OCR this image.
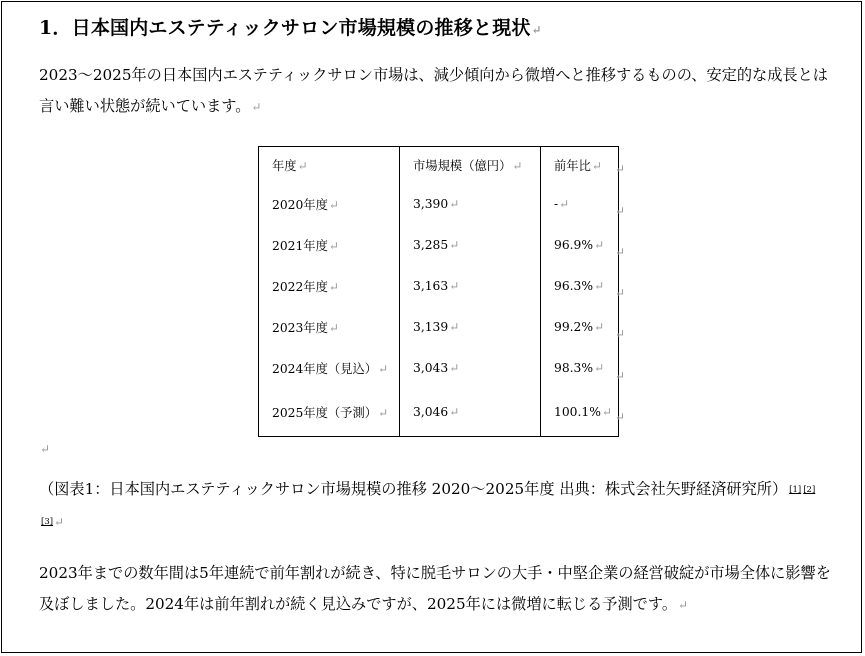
1．日本国内エステティックサロン市場規模の推移と現状↵
2023～2025年の日本国内エステティックサロン市場は、減少傾向から微増へと推移するものの、安定的な成長とは言い難い状態が続いています。↵
年度↵	市場規模（億円）↵	前年比↵
2020年度↵	3,390↵	-↵
2021年度↵	3,285↵	96.9%↵
2022年度↵	3,163↵	96.3%↵
2023年度↵	3,139↵	99.2%↵
2024年度（見込）↵	3,043↵	98.3%↵
2025年度（予測）↵	3,046↵	100.1%↵
↵
↵
↵
↵
↵
↵
↵
↵
（図表1：日本国内エステティックサロン市場規模の推移 2020～2025年度 出典：株式会社矢野経済研究所） [1] [2][3]↵
2023年までの数年間は5年連続で前年割れが続き、特に脱毛サロンの大手・中堅企業の経営破綻が市場全体に影響を及ぼしました。2024年は前年割れが続く見込みですが、2025年には微増に転じる予測です。↵
